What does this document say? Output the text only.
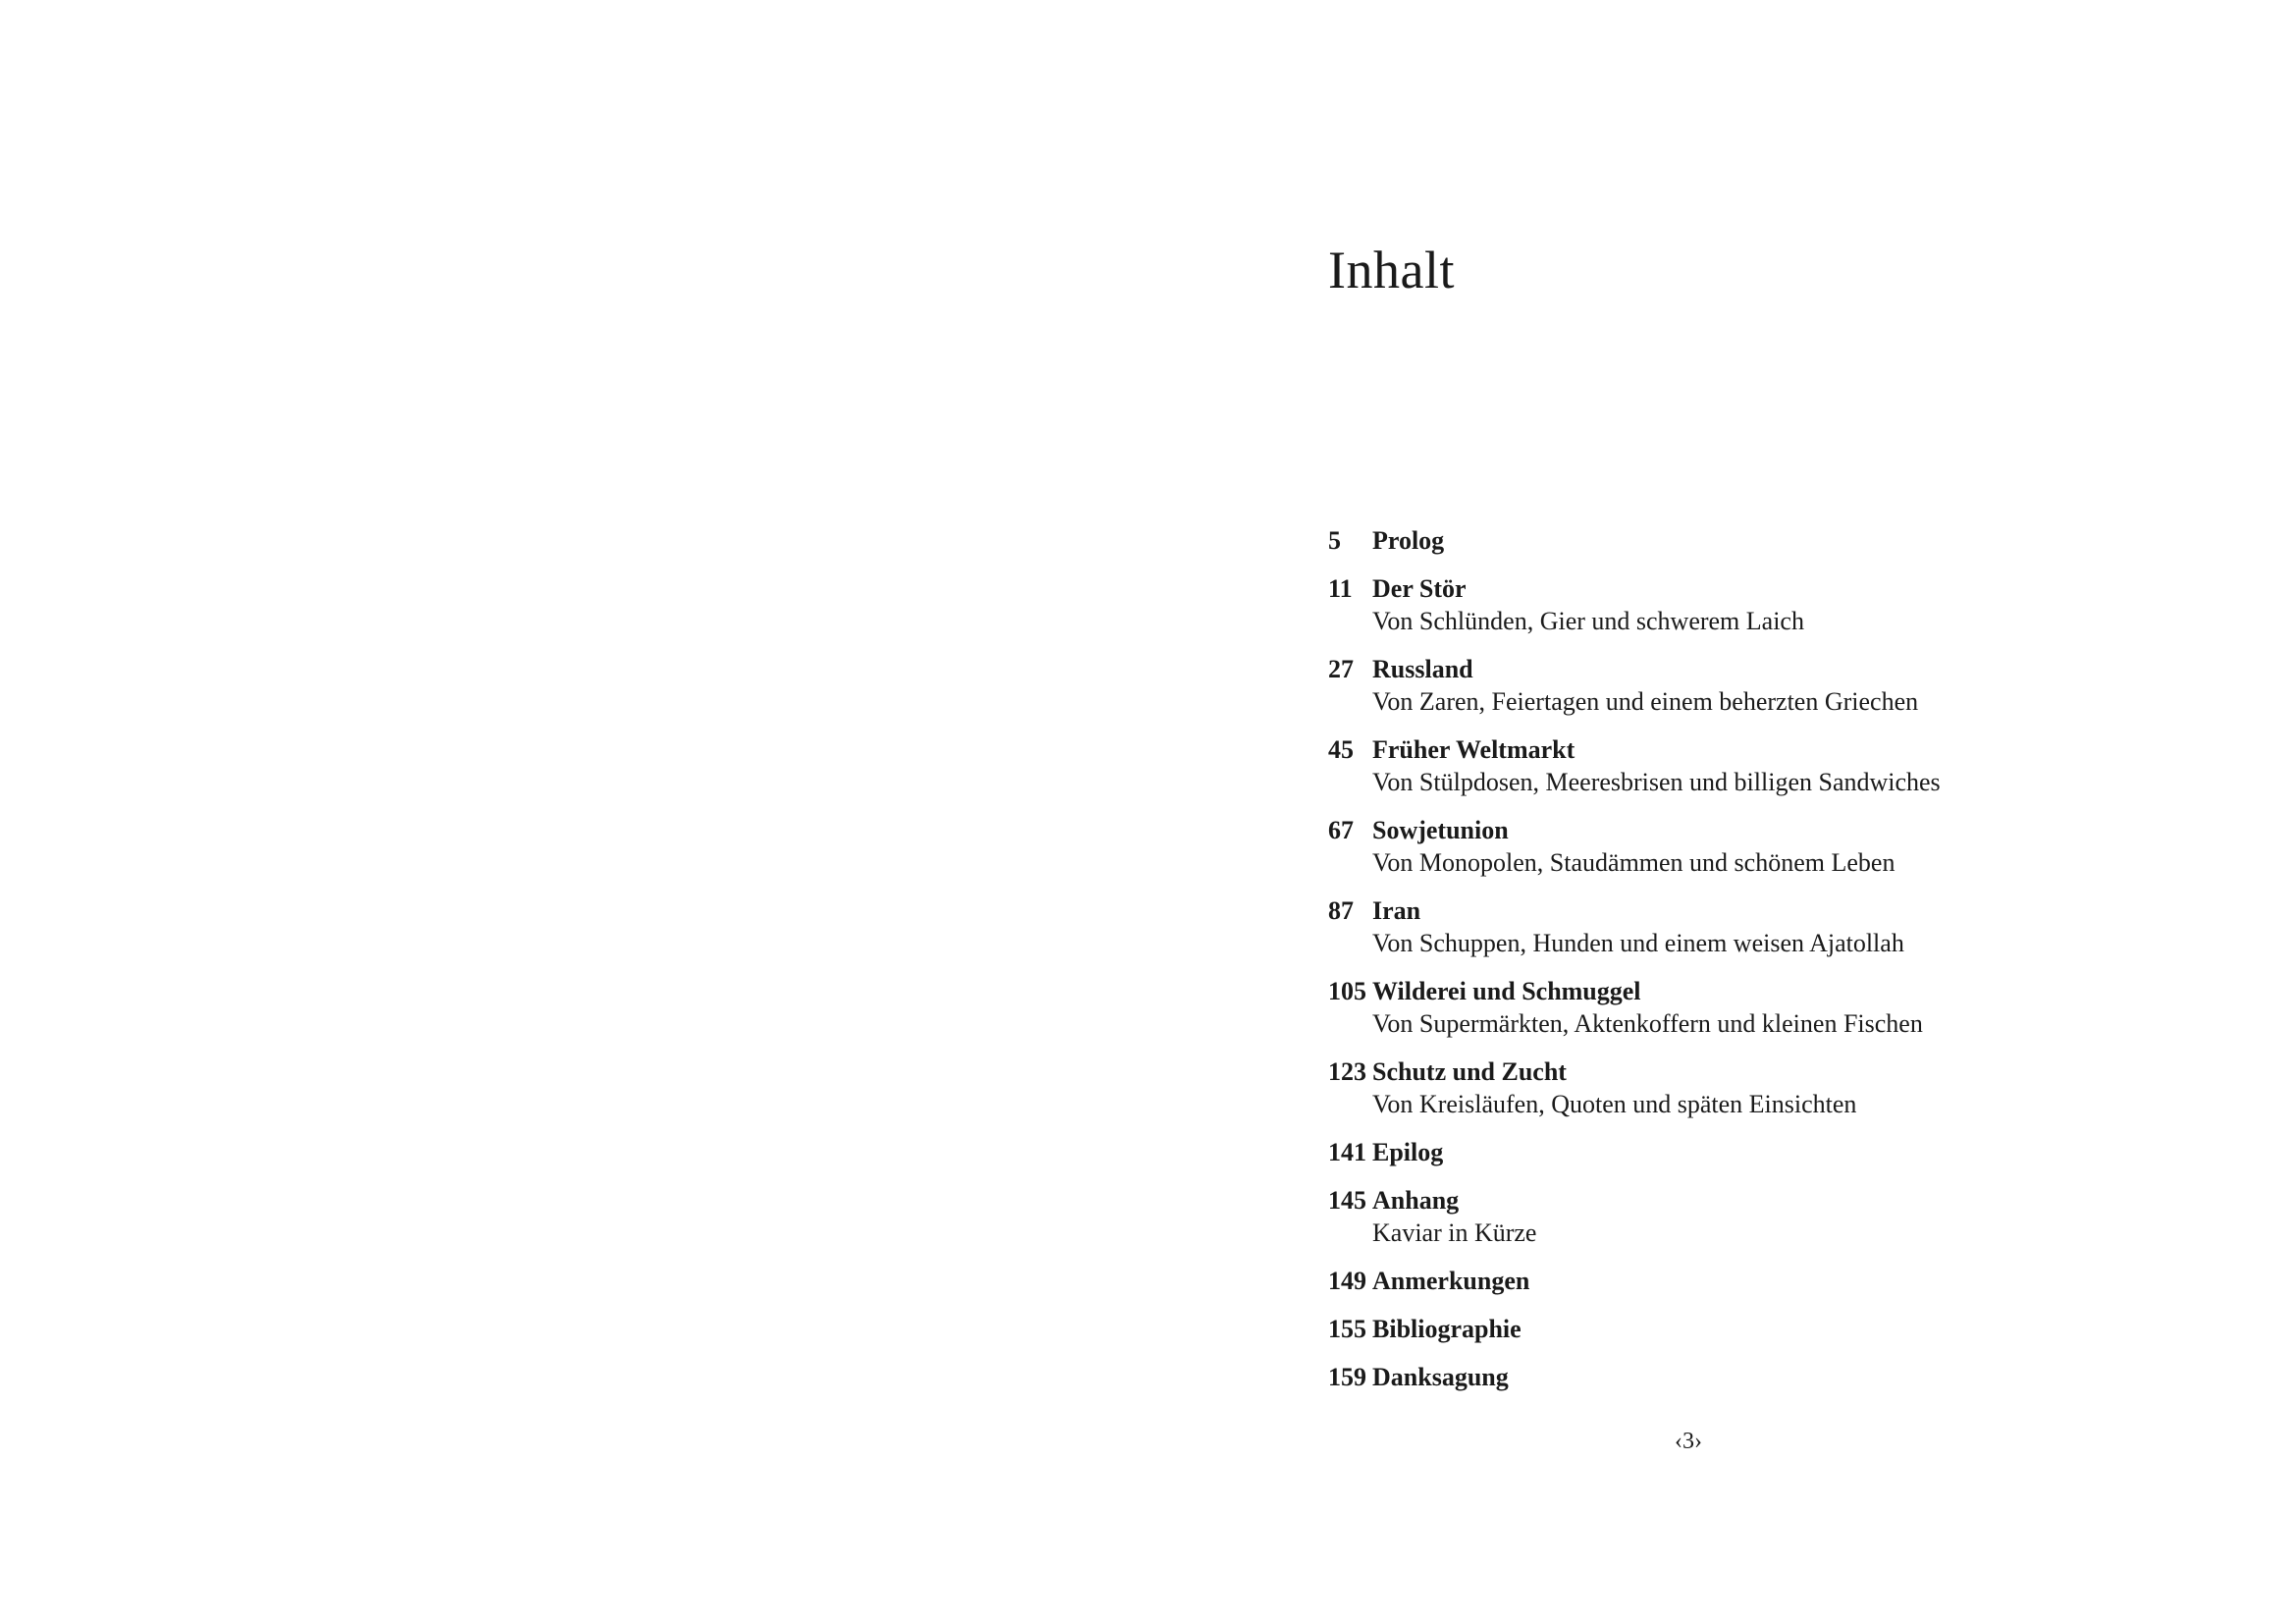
Inhalt
5	Prolog
11 Der Stör
Von Schlünden, Gier und schwerem Laich
27 Russland
Von Zaren, Feiertagen und einem beherzten Griechen
45 Früher Weltmarkt
Von Stülpdosen, Meeresbrisen und billigen Sandwiches
67 Sowjetunion
Von Monopolen, Staudämmen und schönem Leben
87 Iran
Von Schuppen, Hunden und einem weisen Ajatollah
105 Wilderei und Schmuggel
Von Supermärkten, Aktenkoffern und kleinen Fischen
123 Schutz und Zucht
Von Kreisläufen, Quoten und späten Einsichten
141 Epilog
145 Anhang
Kaviar in Kürze
149 Anmerkungen
155 Bibliographie
159 Danksagung
‹3›
